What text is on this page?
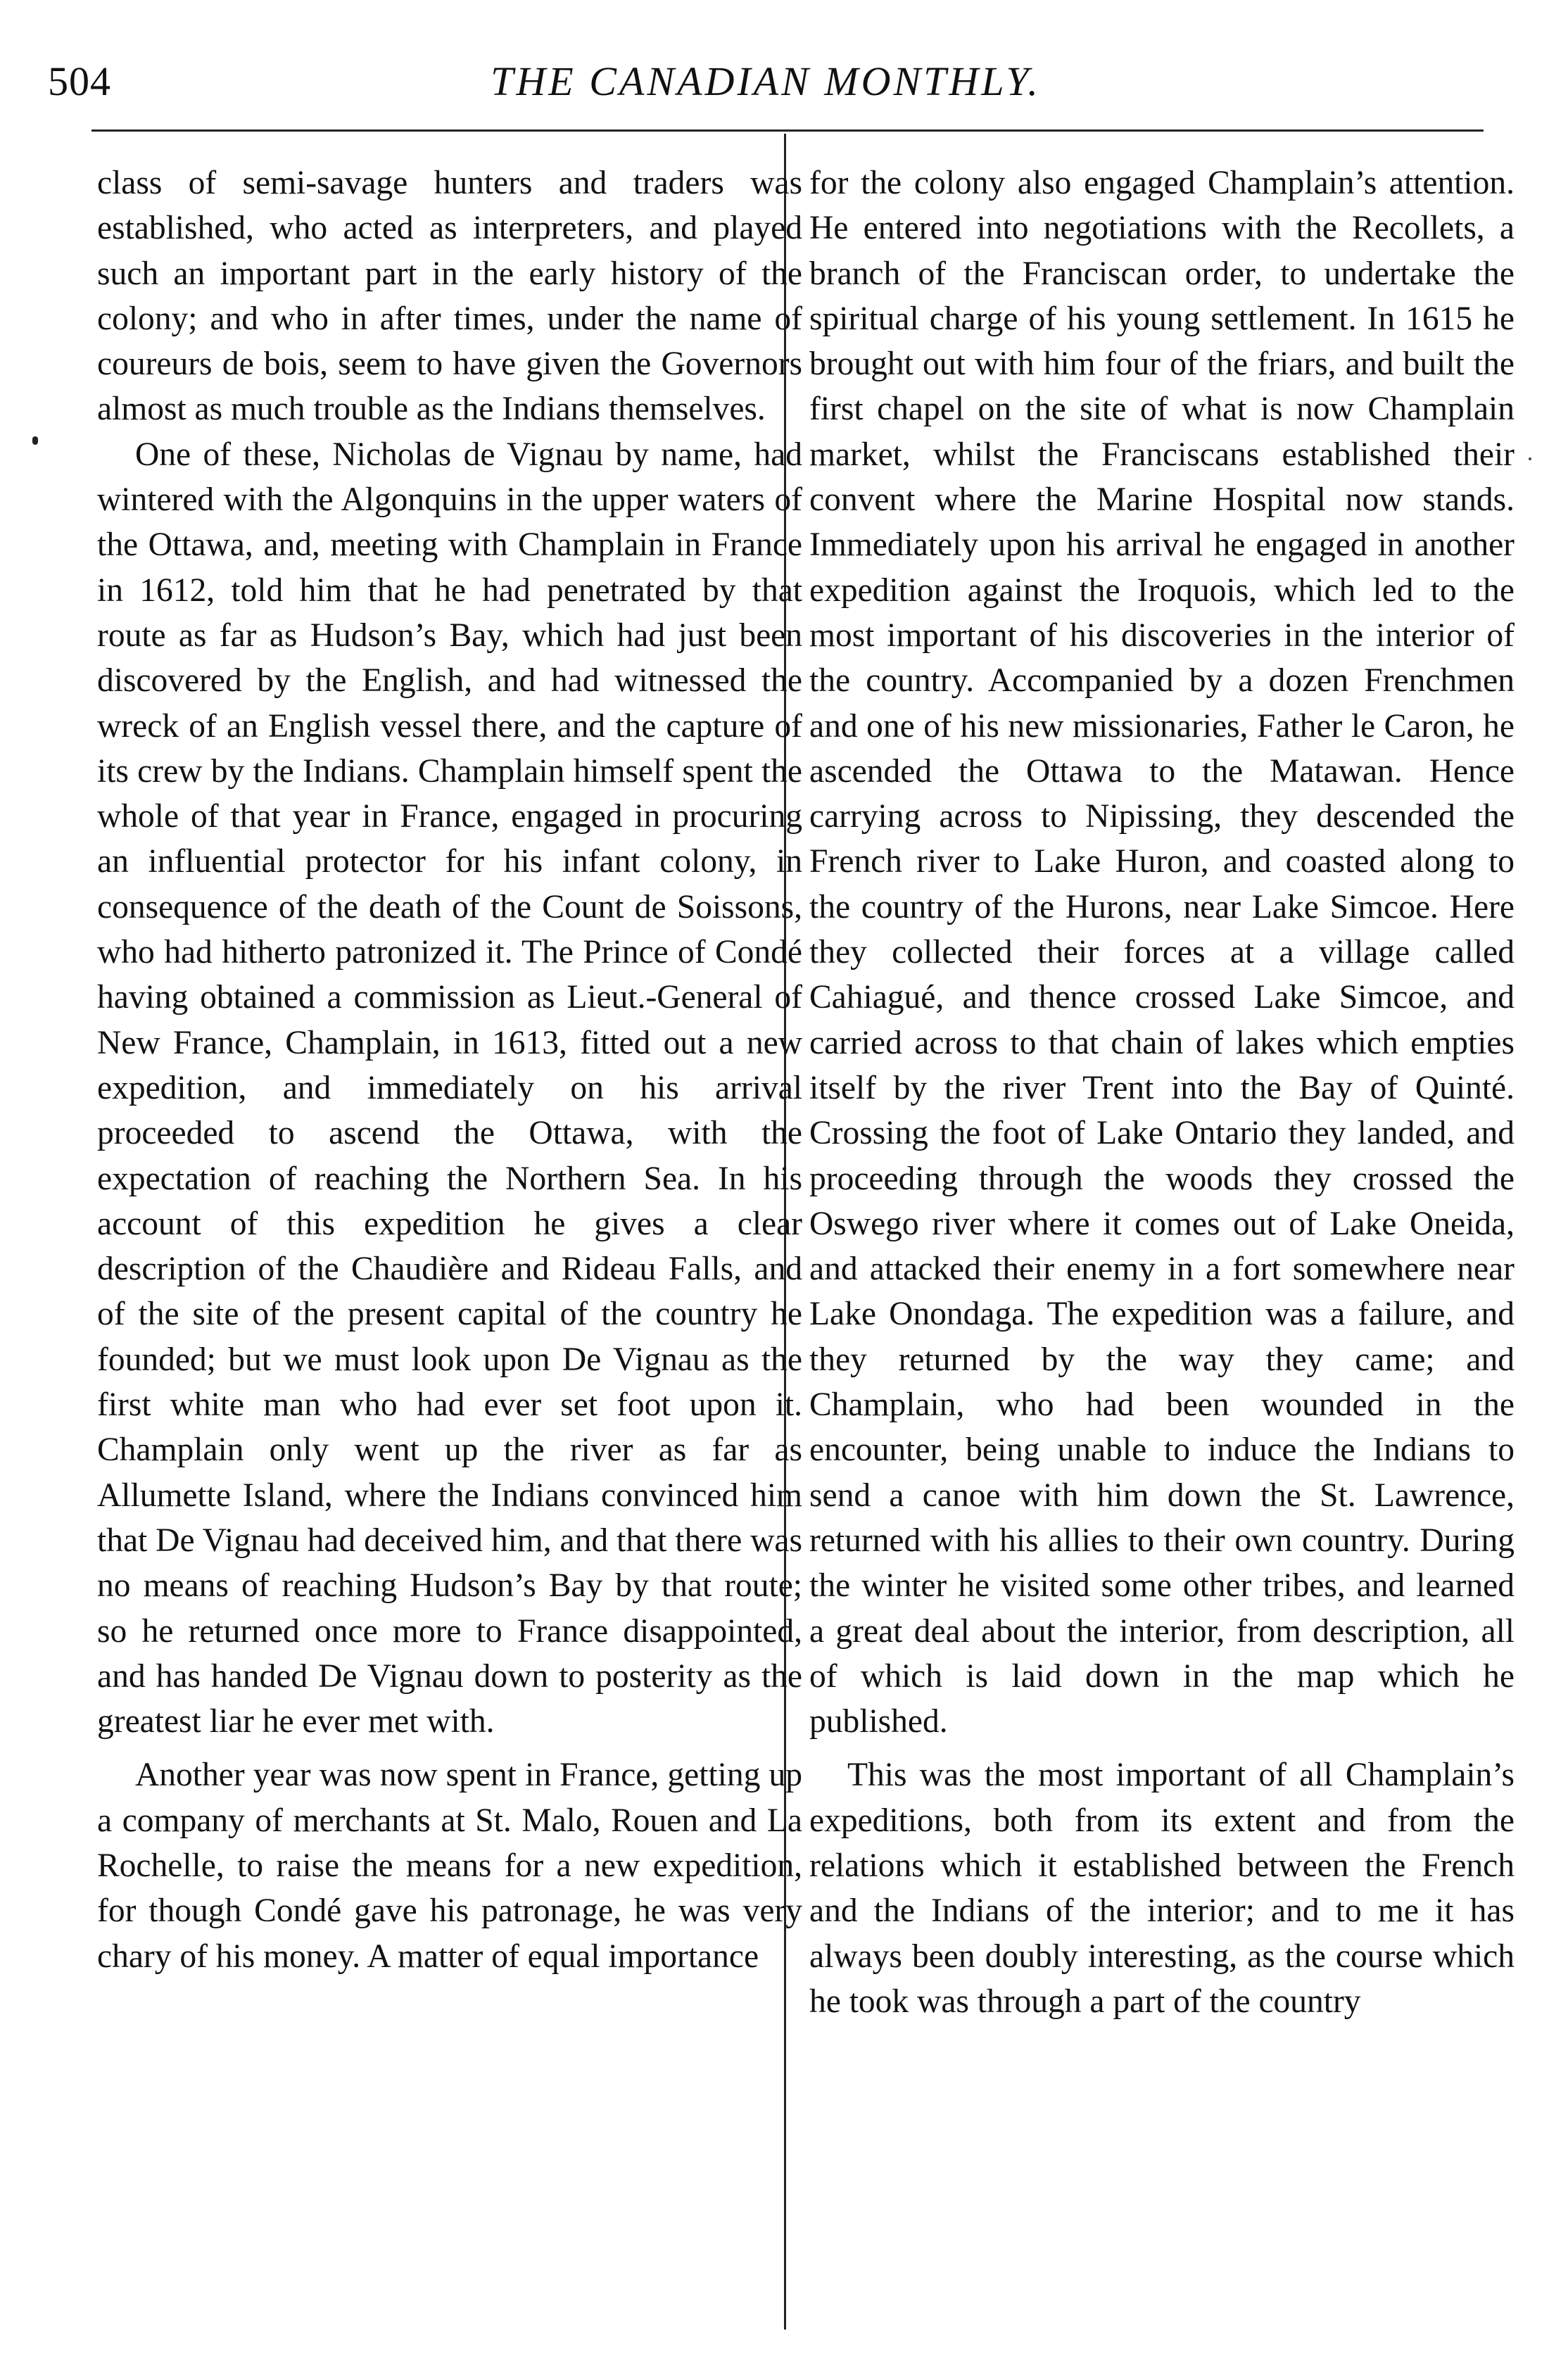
504	THE CANADIAN MONTHLY.

class of semi-savage hunters and traders was established, who acted as interpreters, and played such an important part in the early history of the colony; and who in after times, under the name of coureurs de bois, seem to have given the Governors almost as much trouble as the Indians themselves.

One of these, Nicholas de Vignau by name, had wintered with the Algonquins in the upper waters of the Ottawa, and, meeting with Champlain in France in 1612, told him that he had penetrated by that route as far as Hudson’s Bay, which had just been discovered by the English, and had witnessed the wreck of an English vessel there, and the capture of its crew by the Indians. Champlain himself spent the whole of that year in France, engaged in procuring an influential protector for his infant colony, in consequence of the death of the Count de Soissons, who had hitherto patronized it. The Prince of Condé having obtained a commission as Lieut.-General of New France, Champlain, in 1613, fitted out a new expedition, and immediately on his arrival proceeded to ascend the Ottawa, with the expectation of reaching the Northern Sea. In his account of this expedition he gives a clear description of the Chaudière and Rideau Falls, and of the site of the present capital of the country he founded; but we must look upon De Vignau as the first white man who had ever set foot upon it. Champlain only went up the river as far as Allumette Island, where the Indians convinced him that De Vignau had deceived him, and that there was no means of reaching Hudson’s Bay by that route; so he returned once more to France disappointed, and has handed De Vignau down to posterity as the greatest liar he ever met with.

Another year was now spent in France, getting up a company of merchants at St. Malo, Rouen and La Rochelle, to raise the means for a new expedition, for though Condé gave his patronage, he was very chary of his money. A matter of equal importance

for the colony also engaged Champlain’s attention. He entered into negotiations with the Recollets, a branch of the Franciscan order, to undertake the spiritual charge of his young settlement. In 1615 he brought out with him four of the friars, and built the first chapel on the site of what is now Champlain market, whilst the Franciscans established their convent where the Marine Hospital now stands. Immediately upon his arrival he engaged in another expedition against the Iroquois, which led to the most important of his discoveries in the interior of the country. Accompanied by a dozen Frenchmen and one of his new missionaries, Father le Caron, he ascended the Ottawa to the Matawan. Hence carrying across to Nipissing, they descended the French river to Lake Huron, and coasted along to the country of the Hurons, near Lake Simcoe. Here they collected their forces at a village called Cahiagué, and thence crossed Lake Simcoe, and carried across to that chain of lakes which empties itself by the river Trent into the Bay of Quinté. Crossing the foot of Lake Ontario they landed, and proceeding through the woods they crossed the Oswego river where it comes out of Lake Oneida, and attacked their enemy in a fort somewhere near Lake Onondaga. The expedition was a failure, and they returned by the way they came; and Champlain, who had been wounded in the encounter, being unable to induce the Indians to send a canoe with him down the St. Lawrence, returned with his allies to their own country. During the winter he visited some other tribes, and learned a great deal about the interior, from description, all of which is laid down in the map which he published.

This was the most important of all Champlain’s expeditions, both from its extent and from the relations which it established between the French and the Indians of the interior; and to me it has always been doubly interesting, as the course which he took was through a part of the country
